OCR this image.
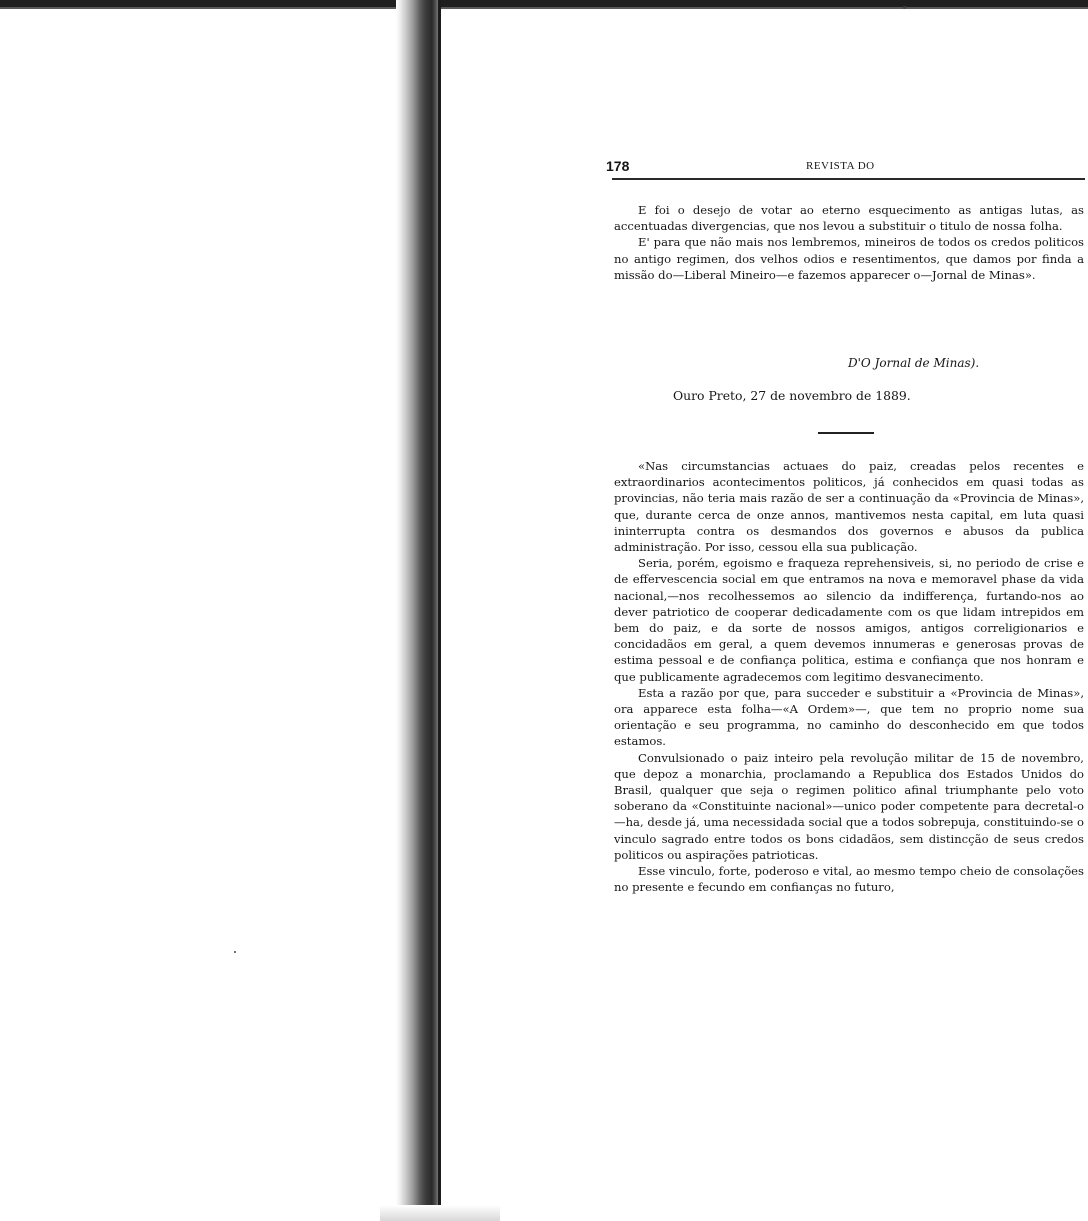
178	REVISTA DO

E foi o desejo de votar ao eterno esquecimento as antigas lutas, as accentuadas divergencias, que nos levou a substituir o titulo de nossa folha.

E' para que não mais nos lembremos, mineiros de todos os credos politicos no antigo regimen, dos velhos odios e resentimentos, que damos por finda a missão do—Liberal Mineiro—e fazemos apparecer o—Jornal de Minas».

D'O Jornal de Minas).
Ouro Preto, 27 de novembro de 1889.

«Nas circumstancias actuaes do paiz, creadas pelos recentes e extraordinarios acontecimentos politicos, já conhecidos em quasi todas as provincias, não teria mais razão de ser a continuação da «Provincia de Minas», que, durante cerca de onze annos, mantivemos nesta capital, em luta quasi ininterrupta contra os desmandos dos governos e abusos da publica administração. Por isso, cessou ella sua publicação.

Seria, porém, egoismo e fraqueza reprehensiveis, si, no periodo de crise e de effervescencia social em que entramos na nova e memoravel phase da vida nacional,—nos recolhessemos ao silencio da indifferença, furtando-nos ao dever patriotico de cooperar dedicadamente com os que lidam intrepidos em bem do paiz, e da sorte de nossos amigos, antigos correligionarios e concidadãos em geral, a quem devemos innumeras e generosas provas de estima pessoal e de confiança politica, estima e confiança que nos honram e que publicamente agradecemos com legitimo desvanecimento.

Esta a razão por que, para succeder e substituir a «Provincia de Minas», ora apparece esta folha—«A Ordem»—, que tem no proprio nome sua orientação e seu programma, no caminho do desconhecido em que todos estamos.

Convulsionado o paiz inteiro pela revolução militar de 15 de novembro, que depoz a monarchia, proclamando a Republica dos Estados Unidos do Brasil, qualquer que seja o regimen politico afinal triumphante pelo voto soberano da «Constituinte nacional»—unico poder competente para decretal-o—ha, desde já, uma necessidada social que a todos sobrepuja, constituindo-se o vinculo sagrado entre todos os bons cidadãos, sem distincção de seus credos politicos ou aspirações patrioticas.

Esse vinculo, forte, poderoso e vital, ao mesmo tempo cheio de consolações no presente e fecundo em confianças no futuro,
